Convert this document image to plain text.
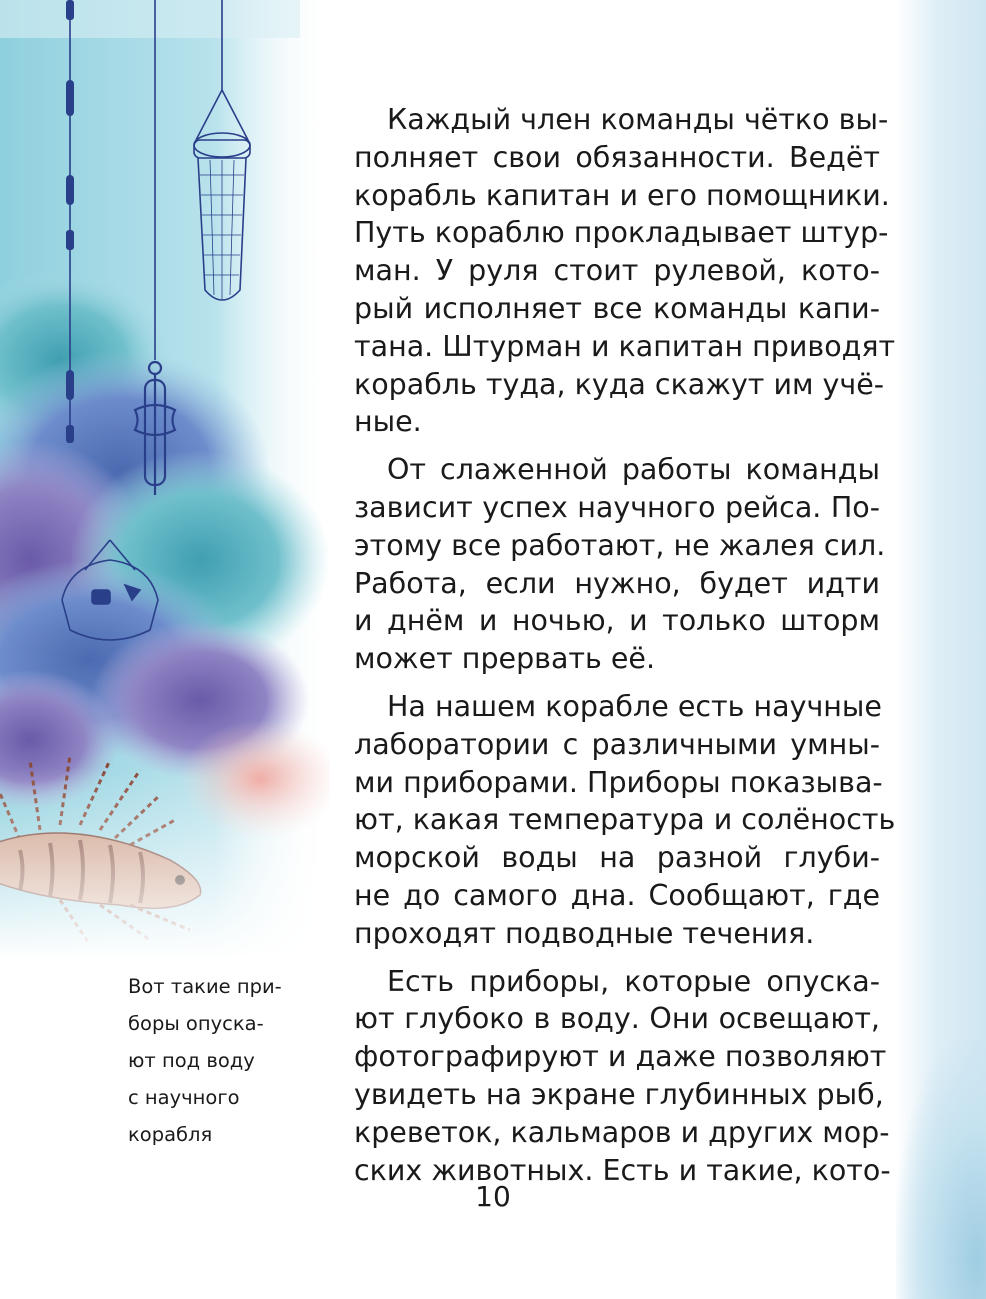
Каждый член команды чётко вы-
полняет свои обязанности. Ведёт
корабль капитан и его помощники.
Путь кораблю прокладывает штур-
ман. У руля стоит рулевой, кото-
рый исполняет все команды капи-
тана. Штурман и капитан приводят
корабль туда, куда скажут им учё-
ные.

От слаженной работы команды
зависит успех научного рейса. По-
этому все работают, не жалея сил.
Работа, если нужно, будет идти
и днём и ночью, и только шторм
может прервать её.

На нашем корабле есть научные
лаборатории с различными умны-
ми приборами. Приборы показыва-
ют, какая температура и солёность
морской воды на разной глуби-
не до самого дна. Сообщают, где
проходят подводные течения.

Есть приборы, которые опуска-
ют глубоко в воду. Они освещают,
фотографируют и даже позволяют
увидеть на экране глубинных рыб,
креветок, кальмаров и других мор-
ских животных. Есть и такие, кото-

Вот такие при-
боры опуска-
ют под воду
с научного
корабля
10
